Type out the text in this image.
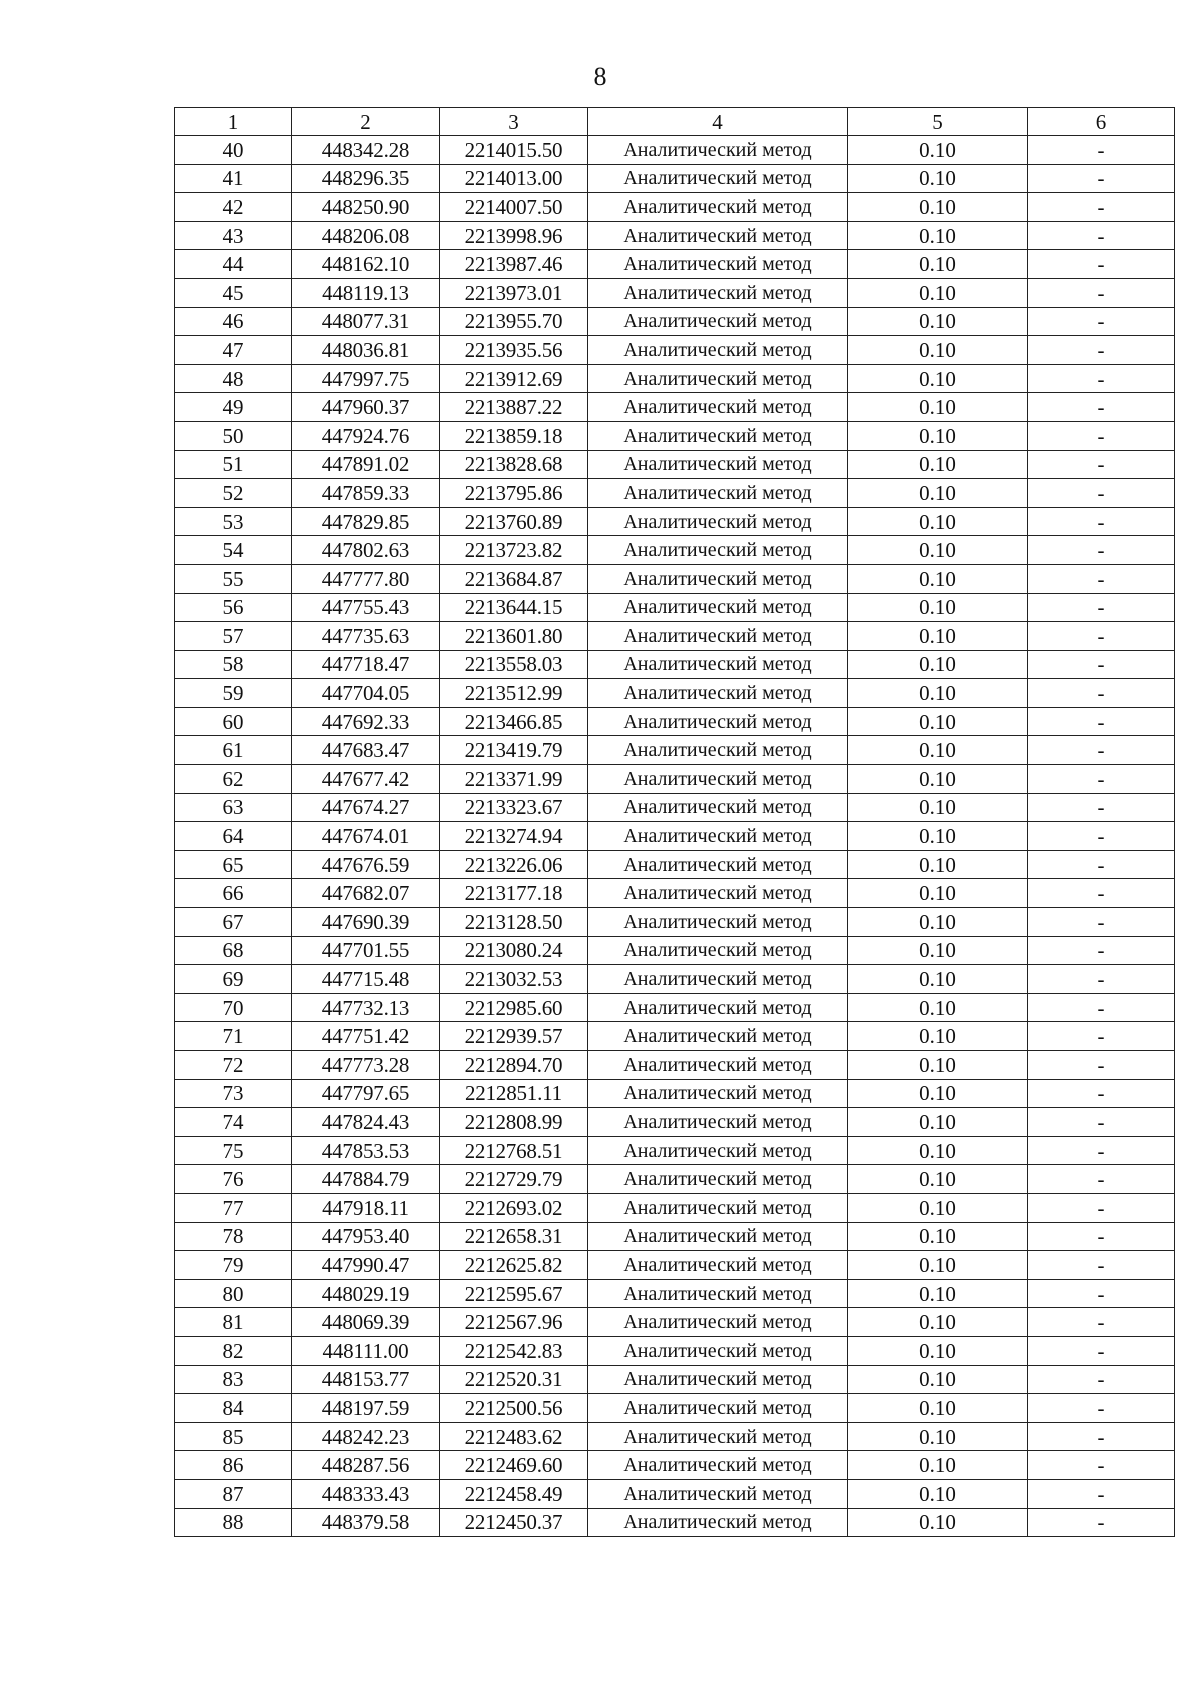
8
1	2	3	4	5	6
40	448342.28	2214015.50	Аналитический метод	0.10	-
41	448296.35	2214013.00	Аналитический метод	0.10	-
42	448250.90	2214007.50	Аналитический метод	0.10	-
43	448206.08	2213998.96	Аналитический метод	0.10	-
44	448162.10	2213987.46	Аналитический метод	0.10	-
45	448119.13	2213973.01	Аналитический метод	0.10	-
46	448077.31	2213955.70	Аналитический метод	0.10	-
47	448036.81	2213935.56	Аналитический метод	0.10	-
48	447997.75	2213912.69	Аналитический метод	0.10	-
49	447960.37	2213887.22	Аналитический метод	0.10	-
50	447924.76	2213859.18	Аналитический метод	0.10	-
51	447891.02	2213828.68	Аналитический метод	0.10	-
52	447859.33	2213795.86	Аналитический метод	0.10	-
53	447829.85	2213760.89	Аналитический метод	0.10	-
54	447802.63	2213723.82	Аналитический метод	0.10	-
55	447777.80	2213684.87	Аналитический метод	0.10	-
56	447755.43	2213644.15	Аналитический метод	0.10	-
57	447735.63	2213601.80	Аналитический метод	0.10	-
58	447718.47	2213558.03	Аналитический метод	0.10	-
59	447704.05	2213512.99	Аналитический метод	0.10	-
60	447692.33	2213466.85	Аналитический метод	0.10	-
61	447683.47	2213419.79	Аналитический метод	0.10	-
62	447677.42	2213371.99	Аналитический метод	0.10	-
63	447674.27	2213323.67	Аналитический метод	0.10	-
64	447674.01	2213274.94	Аналитический метод	0.10	-
65	447676.59	2213226.06	Аналитический метод	0.10	-
66	447682.07	2213177.18	Аналитический метод	0.10	-
67	447690.39	2213128.50	Аналитический метод	0.10	-
68	447701.55	2213080.24	Аналитический метод	0.10	-
69	447715.48	2213032.53	Аналитический метод	0.10	-
70	447732.13	2212985.60	Аналитический метод	0.10	-
71	447751.42	2212939.57	Аналитический метод	0.10	-
72	447773.28	2212894.70	Аналитический метод	0.10	-
73	447797.65	2212851.11	Аналитический метод	0.10	-
74	447824.43	2212808.99	Аналитический метод	0.10	-
75	447853.53	2212768.51	Аналитический метод	0.10	-
76	447884.79	2212729.79	Аналитический метод	0.10	-
77	447918.11	2212693.02	Аналитический метод	0.10	-
78	447953.40	2212658.31	Аналитический метод	0.10	-
79	447990.47	2212625.82	Аналитический метод	0.10	-
80	448029.19	2212595.67	Аналитический метод	0.10	-
81	448069.39	2212567.96	Аналитический метод	0.10	-
82	448111.00	2212542.83	Аналитический метод	0.10	-
83	448153.77	2212520.31	Аналитический метод	0.10	-
84	448197.59	2212500.56	Аналитический метод	0.10	-
85	448242.23	2212483.62	Аналитический метод	0.10	-
86	448287.56	2212469.60	Аналитический метод	0.10	-
87	448333.43	2212458.49	Аналитический метод	0.10	-
88	448379.58	2212450.37	Аналитический метод	0.10	-
